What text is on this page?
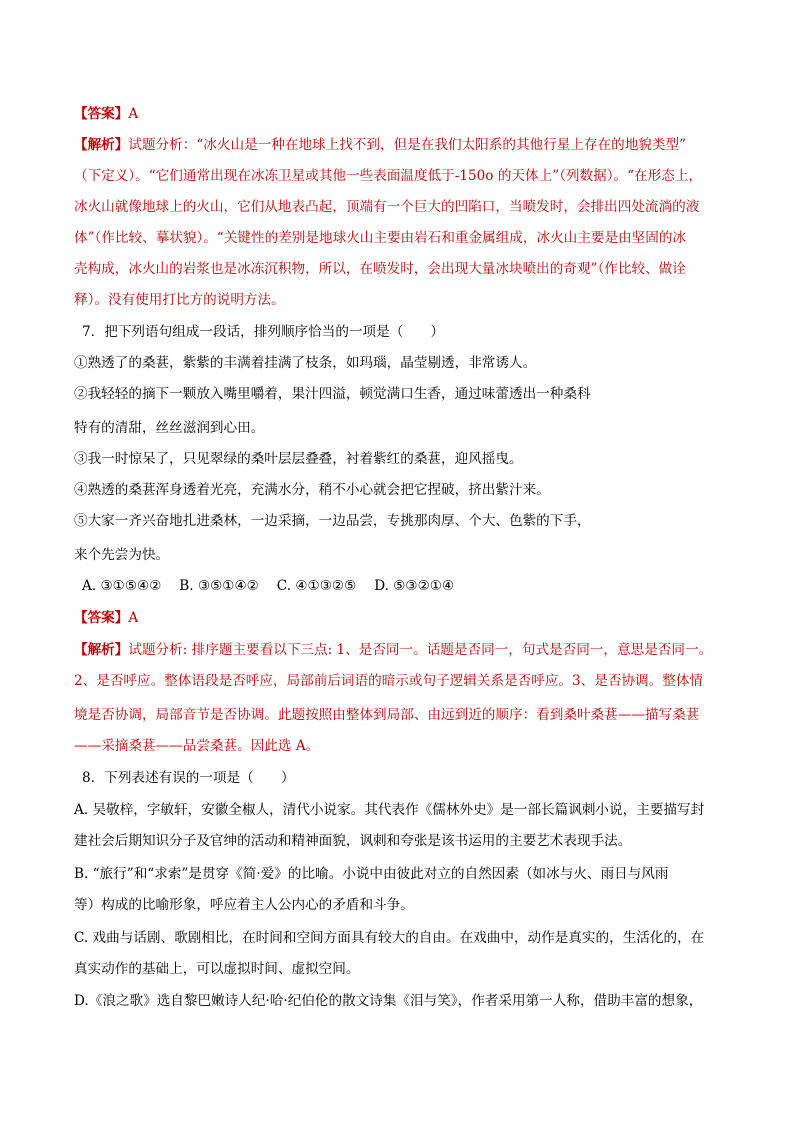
【答案】A
【解析】试题分析：“冰火山是一种在地球上找不到，但是在我们太阳系的其他行星上存在的地貌类型”
（下定义）。“它们通常出现在冰冻卫星或其他一些表面温度低于-150o 的天体上”（列数据）。“在形态上，
冰火山就像地球上的火山，它们从地表凸起，顶端有一个巨大的凹陷口，当喷发时，会排出四处流淌的液
体”（作比较、摹状貌）。“关键性的差别是地球火山主要由岩石和重金属组成，冰火山主要是由坚固的冰
壳构成，冰火山的岩浆也是冰冻沉积物，所以，在喷发时，会出现大量冰块喷出的奇观”（作比较、做诠
释）。没有使用打比方的说明方法。
7．把下列语句组成一段话，排列顺序恰当的一项是（　　）
①熟透了的桑葚，紫紫的丰满着挂满了枝条，如玛瑙，晶莹剔透，非常诱人。
②我轻轻的摘下一颗放入嘴里嚼着，果汁四溢，顿觉满口生香，通过味蕾透出一种桑科
特有的清甜，丝丝滋润到心田。
③我一时惊呆了，只见翠绿的桑叶层层叠叠，衬着紫红的桑葚，迎风摇曳。
④熟透的桑葚浑身透着光亮，充满水分，稍不小心就会把它捏破，挤出紫汁来。
⑤大家一齐兴奋地扎进桑林，一边采摘，一边品尝，专挑那肉厚、个大、色紫的下手，
来个先尝为快。
A. ③①⑤④②　 B. ③⑤①④②　 C. ④①③②⑤　 D. ⑤③②①④
【答案】A
【解析】试题分析: 排序题主要看以下三点: 1、是否同一。话题是否同一，句式是否同一，意思是否同一。
2、是否呼应。整体语段是否呼应，局部前后词语的暗示或句子逻辑关系是否呼应。3、是否协调。整体情
境是否协调，局部音节是否协调。此题按照由整体到局部、由远到近的顺序：看到桑叶桑葚——描写桑葚
——采摘桑葚——品尝桑葚。因此选 A。
8．下列表述有误的一项是（　　）
A. 吴敬梓，字敏轩，安徽全椒人，清代小说家。其代表作《儒林外史》是一部长篇讽刺小说，主要描写封
建社会后期知识分子及官绅的活动和精神面貌，讽刺和夸张是该书运用的主要艺术表现手法。
B. “旅行”和“求索”是贯穿《简·爱》的比喻。小说中由彼此对立的自然因素（如冰与火、雨日与风雨
等）构成的比喻形象，呼应着主人公内心的矛盾和斗争。
C. 戏曲与话剧、歌剧相比，在时间和空间方面具有较大的自由。在戏曲中，动作是真实的，生活化的，在
真实动作的基础上，可以虚拟时间、虚拟空间。
D.《浪之歌》选自黎巴嫩诗人纪·哈·纪伯伦的散文诗集《泪与笑》，作者采用第一人称，借助丰富的想象，
